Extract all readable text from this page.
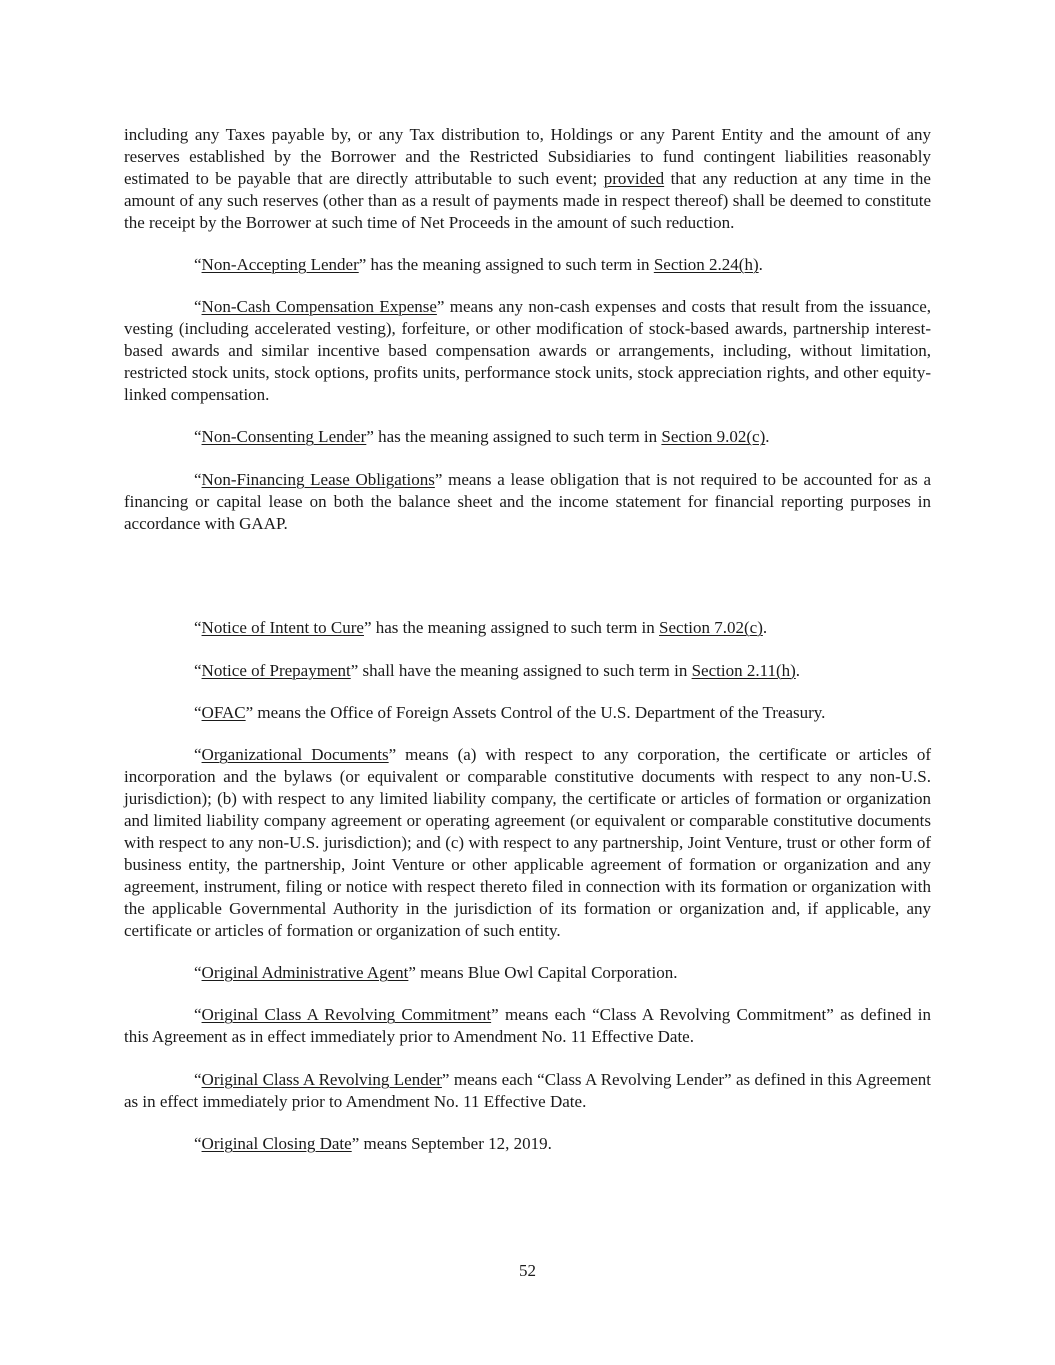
including any Taxes payable by, or any Tax distribution to, Holdings or any Parent Entity and the amount of any reserves established by the Borrower and the Restricted Subsidiaries to fund contingent liabilities reasonably estimated to be payable that are directly attributable to such event; provided that any reduction at any time in the amount of any such reserves (other than as a result of payments made in respect thereof) shall be deemed to constitute the receipt by the Borrower at such time of Net Proceeds in the amount of such reduction.

“Non-Accepting Lender” has the meaning assigned to such term in Section 2.24(h).

“Non-Cash Compensation Expense” means any non-cash expenses and costs that result from the issuance, vesting (including accelerated vesting), forfeiture, or other modification of stock-based awards, partnership interest-based awards and similar incentive based compensation awards or arrangements, including, without limitation, restricted stock units, stock options, profits units, performance stock units, stock appreciation rights, and other equity-linked compensation.

“Non-Consenting Lender” has the meaning assigned to such term in Section 9.02(c).

“Non-Financing Lease Obligations” means a lease obligation that is not required to be accounted for as a financing or capital lease on both the balance sheet and the income statement for financial reporting purposes in accordance with GAAP.

“Notice of Intent to Cure” has the meaning assigned to such term in Section 7.02(c).

“Notice of Prepayment” shall have the meaning assigned to such term in Section 2.11(h).

“OFAC” means the Office of Foreign Assets Control of the U.S. Department of the Treasury.

“Organizational Documents” means (a) with respect to any corporation, the certificate or articles of incorporation and the bylaws (or equivalent or comparable constitutive documents with respect to any non-U.S. jurisdiction); (b) with respect to any limited liability company, the certificate or articles of formation or organization and limited liability company agreement or operating agreement (or equivalent or comparable constitutive documents with respect to any non-U.S. jurisdiction); and (c) with respect to any partnership, Joint Venture, trust or other form of business entity, the partnership, Joint Venture or other applicable agreement of formation or organization and any agreement, instrument, filing or notice with respect thereto filed in connection with its formation or organization with the applicable Governmental Authority in the jurisdiction of its formation or organization and, if applicable, any certificate or articles of formation or organization of such entity.

“Original Administrative Agent” means Blue Owl Capital Corporation.

“Original Class A Revolving Commitment” means each “Class A Revolving Commitment” as defined in this Agreement as in effect immediately prior to Amendment No. 11 Effective Date.

“Original Class A Revolving Lender” means each “Class A Revolving Lender” as defined in this Agreement as in effect immediately prior to Amendment No. 11 Effective Date.

“Original Closing Date” means September 12, 2019.

52
